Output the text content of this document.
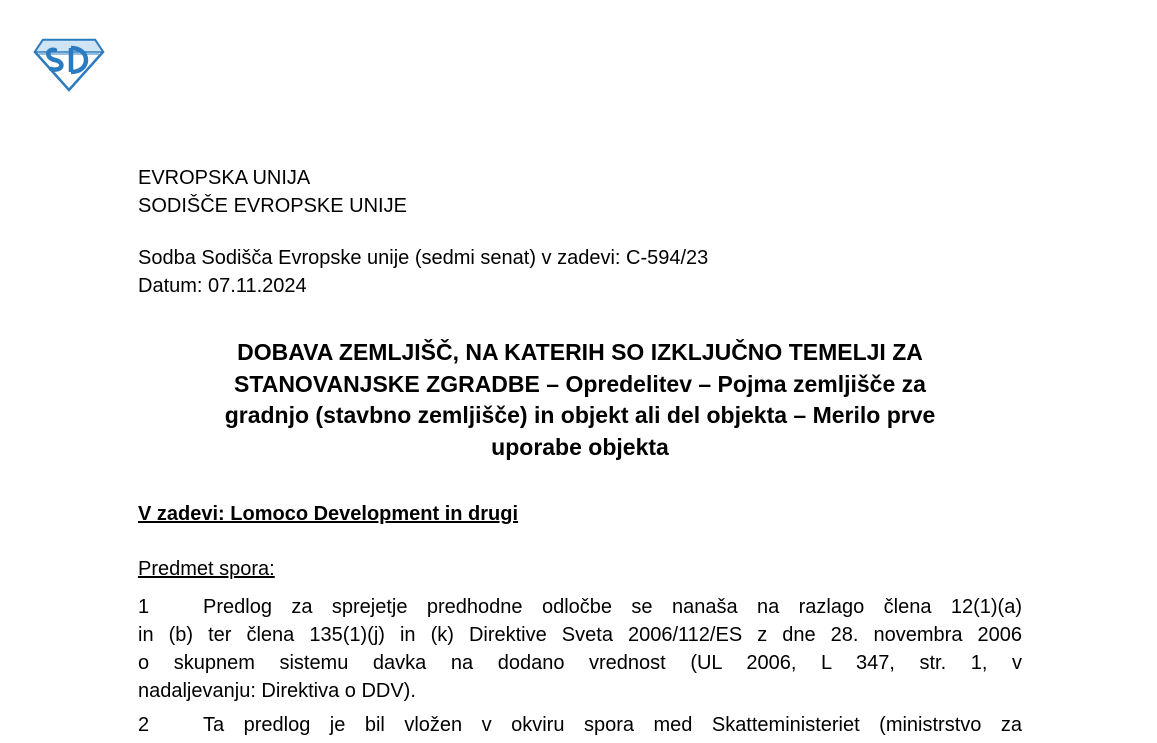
EVROPSKA UNIJA
SODIŠČE EVROPSKE UNIJE
Sodba Sodišča Evropske unije (sedmi senat) v zadevi: C-594/23
Datum: 07.11.2024
DOBAVA ZEMLJIŠČ, NA KATERIH SO IZKLJUČNO TEMELJI ZA
STANOVANJSKE ZGRADBE – Opredelitev – Pojma zemljišče za
gradnjo (stavbno zemljišče) in objekt ali del objekta – Merilo prve
uporabe objekta
V zadevi: Lomoco Development in drugi
Predmet spora:
1	Predlog za sprejetje predhodne odločbe se nanaša na razlago člena 12(1)(a)
in (b) ter člena 135(1)(j) in (k) Direktive Sveta 2006/112/ES z dne 28. novembra 2006
o skupnem sistemu davka na dodano vrednost (UL 2006, L 347, str. 1, v
nadaljevanju: Direktiva o DDV).
2	Ta predlog je bil vložen v okviru spora med Skatteministeriet (ministrstvo za
